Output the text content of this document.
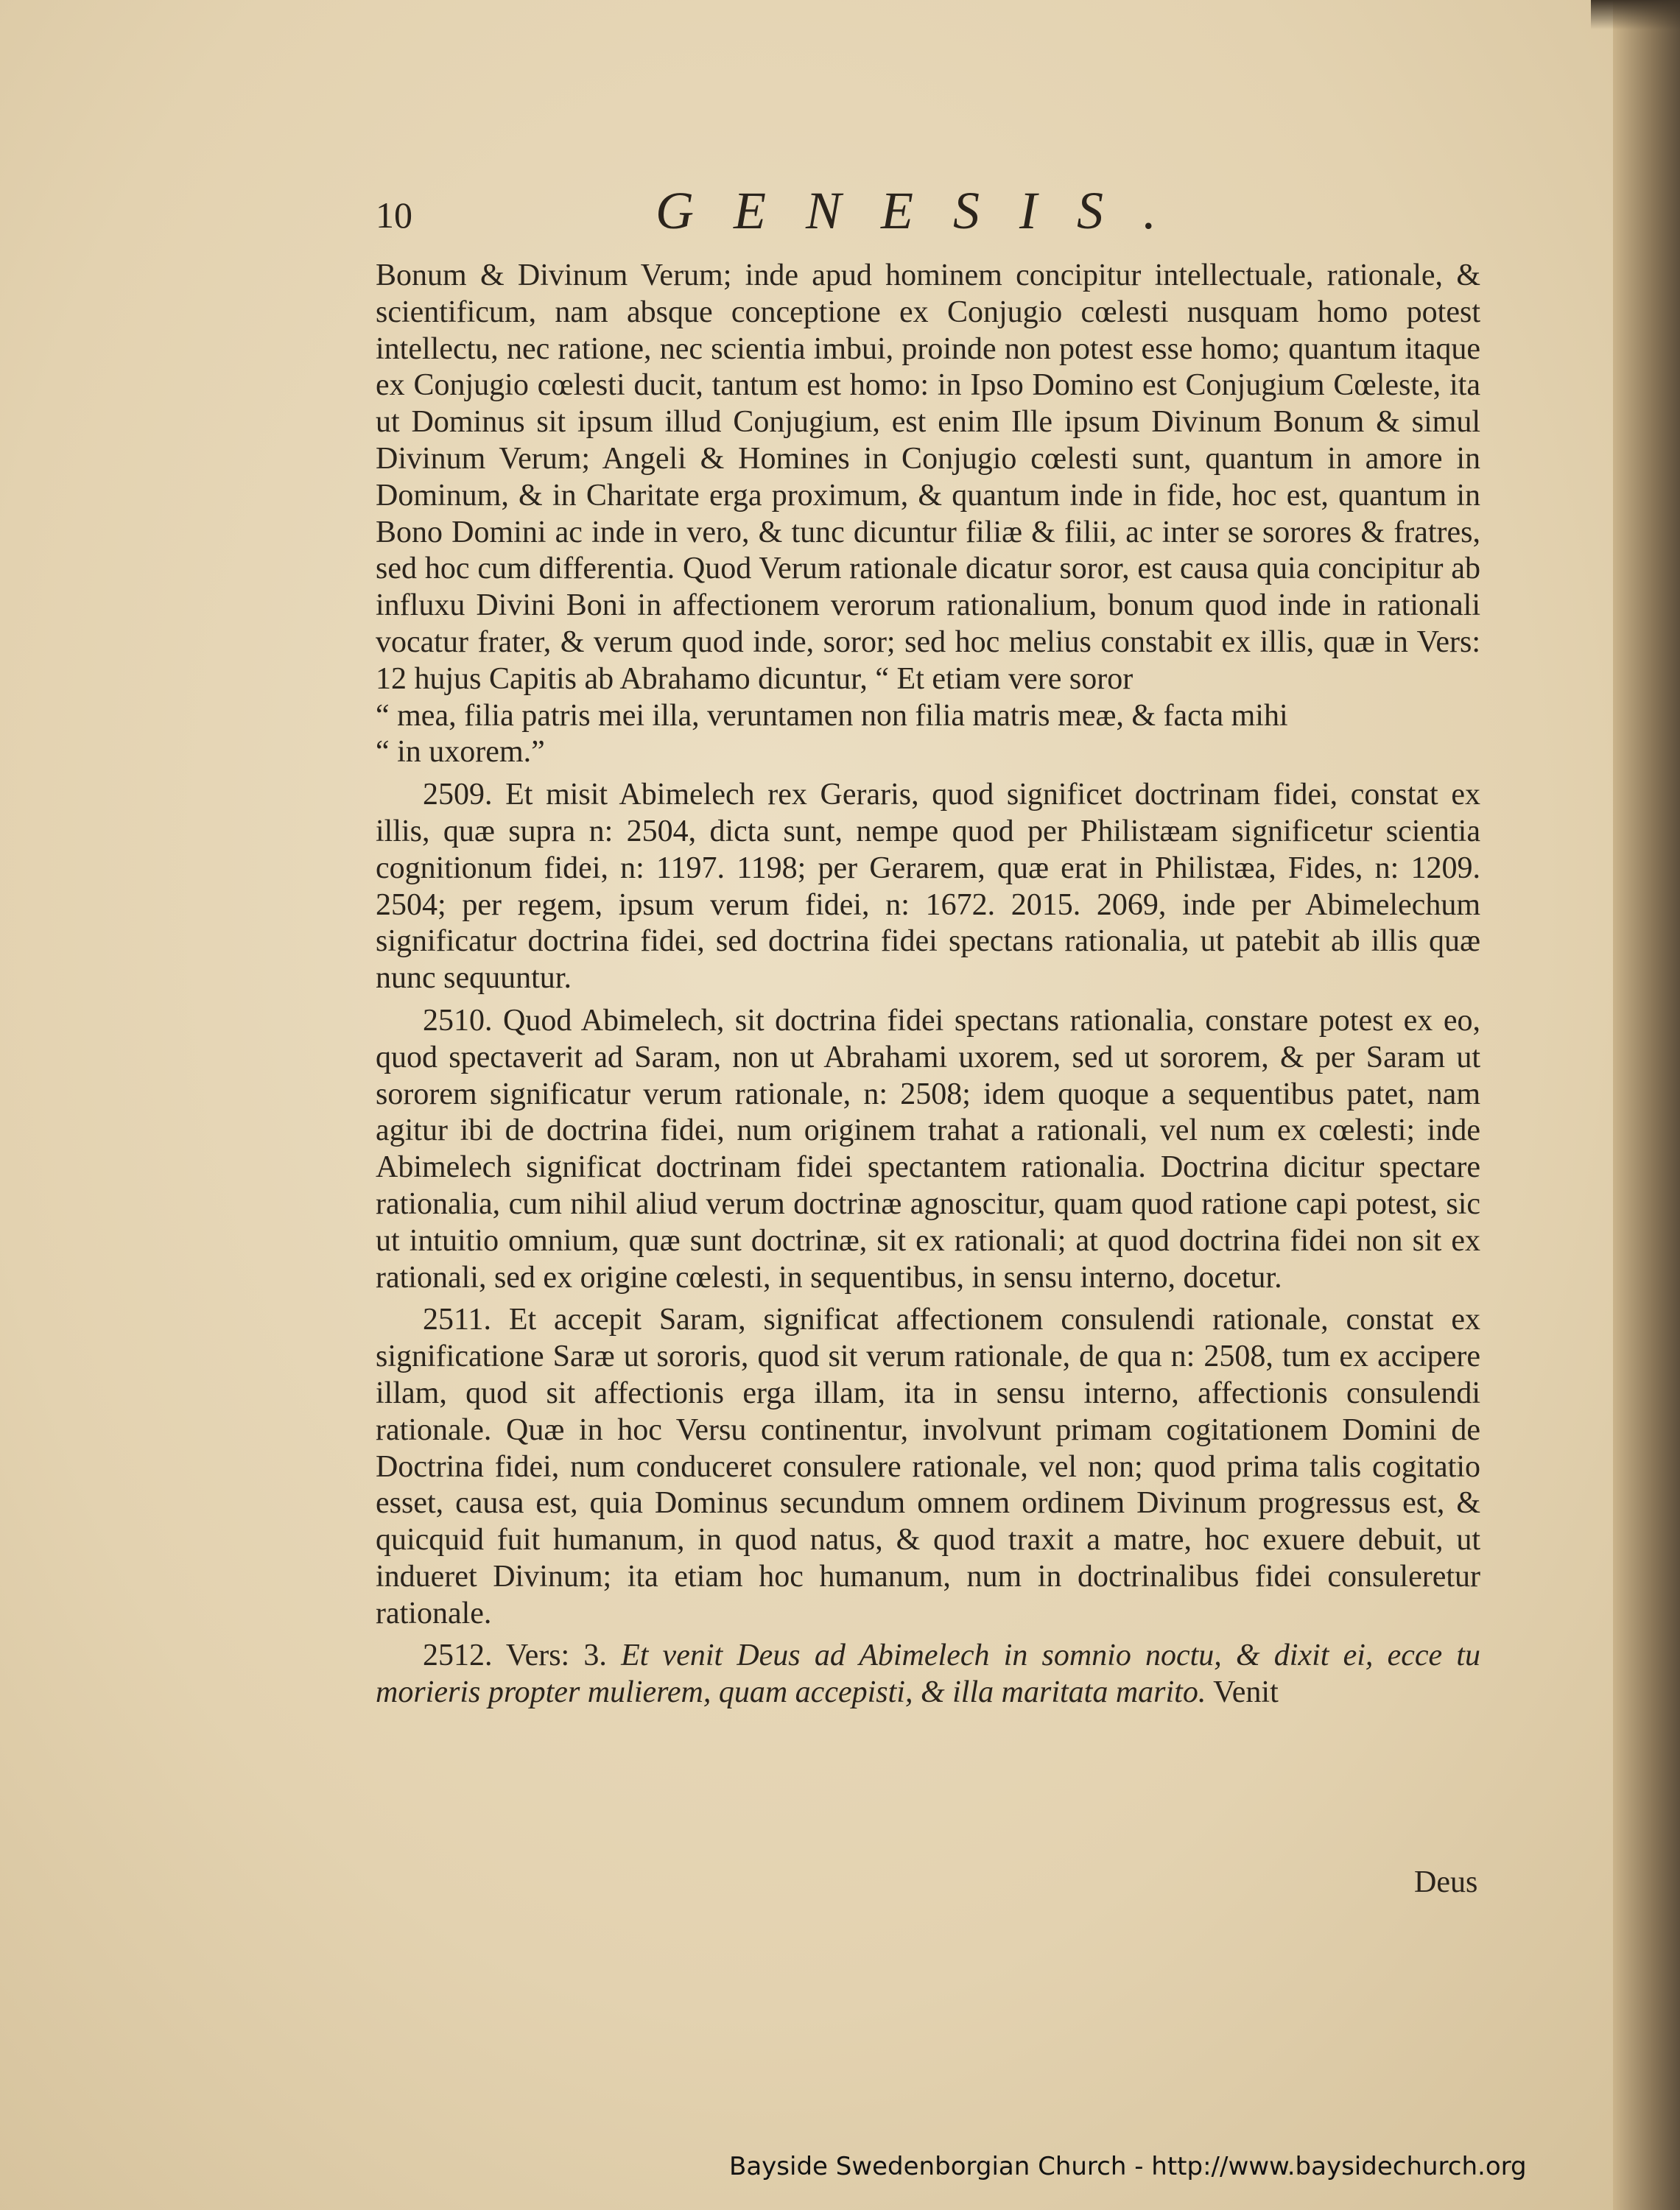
10	GENESIS.

Bonum & Divinum Verum; inde apud hominem concipitur intellectuale, rationale, & scientificum, nam absque conceptione ex Conjugio cœlesti nusquam homo potest intellectu, nec ratione, nec scientia imbui, proinde non potest esse homo; quantum itaque ex Conjugio cœlesti ducit, tantum est homo: in Ipso Domino est Conjugium Cœleste, ita ut Dominus sit ipsum illud Conjugium, est enim Ille ipsum Divinum Bonum & simul Divinum Verum; Angeli & Homines in Conjugio cœlesti sunt, quantum in amore in Dominum, & in Charitate erga proximum, & quantum inde in fide, hoc est, quantum in Bono Domini ac inde in vero, & tunc dicuntur filiæ & filii, ac inter se sorores & fratres, sed hoc cum differentia. Quod Verum rationale dicatur soror, est causa quia concipitur ab influxu Divini Boni in affectionem verorum rationalium, bonum quod inde in rationali vocatur frater, & verum quod inde, soror; sed hoc melius constabit ex illis, quæ in Vers: 12 hujus Capitis ab Abrahamo dicuntur, “ Et etiam vere soror
“ mea, filia patris mei illa, veruntamen non filia matris meæ, & facta mihi
“ in uxorem.”

2509. Et misit Abimelech rex Geraris, quod significet doctrinam fidei, constat ex illis, quæ supra n: 2504, dicta sunt, nempe quod per Philistæam significetur scientia cognitionum fidei, n: 1197. 1198; per Gerarem, quæ erat in Philistæa, Fides, n: 1209. 2504; per regem, ipsum verum fidei, n: 1672. 2015. 2069, inde per Abimelechum significatur doctrina fidei, sed doctrina fidei spectans rationalia, ut patebit ab illis quæ nunc sequuntur.

2510. Quod Abimelech, sit doctrina fidei spectans rationalia, constare potest ex eo, quod spectaverit ad Saram, non ut Abrahami uxorem, sed ut sororem, & per Saram ut sororem significatur verum rationale, n: 2508; idem quoque a sequentibus patet, nam agitur ibi de doctrina fidei, num originem trahat a rationali, vel num ex cœlesti; inde Abimelech significat doctrinam fidei spectantem rationalia. Doctrina dicitur spectare rationalia, cum nihil aliud verum doctrinæ agnoscitur, quam quod ratione capi potest, sic ut intuitio omnium, quæ sunt doctrinæ, sit ex rationali; at quod doctrina fidei non sit ex rationali, sed ex origine cœlesti, in sequentibus, in sensu interno, docetur.

2511. Et accepit Saram, significat affectionem consulendi rationale, constat ex significatione Saræ ut sororis, quod sit verum rationale, de qua n: 2508, tum ex accipere illam, quod sit affectionis erga illam, ita in sensu interno, affectionis consulendi rationale. Quæ in hoc Versu continentur, involvunt primam cogitationem Domini de Doctrina fidei, num conduceret consulere rationale, vel non; quod prima talis cogitatio esset, causa est, quia Dominus secundum omnem ordinem Divinum progressus est, & quicquid fuit humanum, in quod natus, & quod traxit a matre, hoc exuere debuit, ut indueret Divinum; ita etiam hoc humanum, num in doctrinalibus fidei consuleretur rationale.

2512. Vers: 3. Et venit Deus ad Abimelech in somnio noctu, & dixit ei, ecce tu morieris propter mulierem, quam accepisti, & illa maritata marito. Venit

Deus
Bayside Swedenborgian Church - http://www.baysidechurch.org
